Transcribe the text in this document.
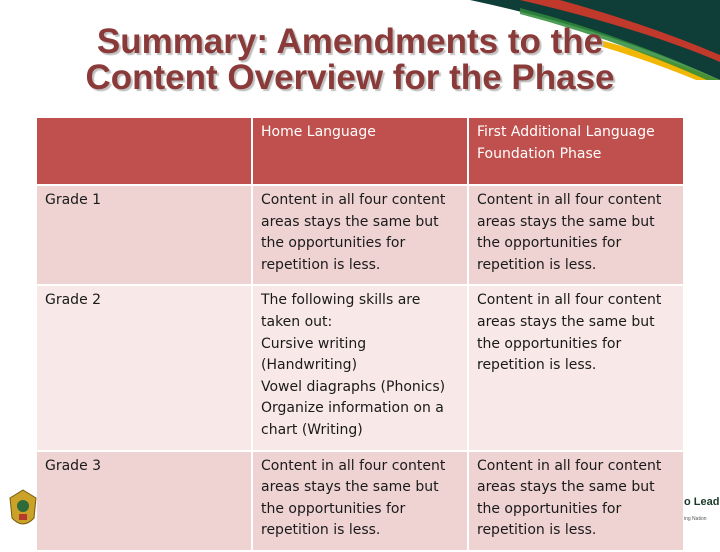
Summary: Amendments to the
Content Overview for the Phase
	Home Language	First Additional Language Foundation Phase
Grade 1	Content in all four content areas stays the same but the opportunities for repetition is less.	Content in all four content areas stays the same but the opportunities for repetition is less.

Grade 2	The following skills are taken out:
Cursive writing (Handwriting)
Vowel diagraphs (Phonics)
Organize information on a chart (Writing)	Content in all four content areas stays the same but the opportunities for repetition is less.

Grade 3	Content in all four content areas stays the same but the opportunities for repetition is less.	Content in all four content areas stays the same but the opportunities for repetition is less.
o Lead
ing Nation
